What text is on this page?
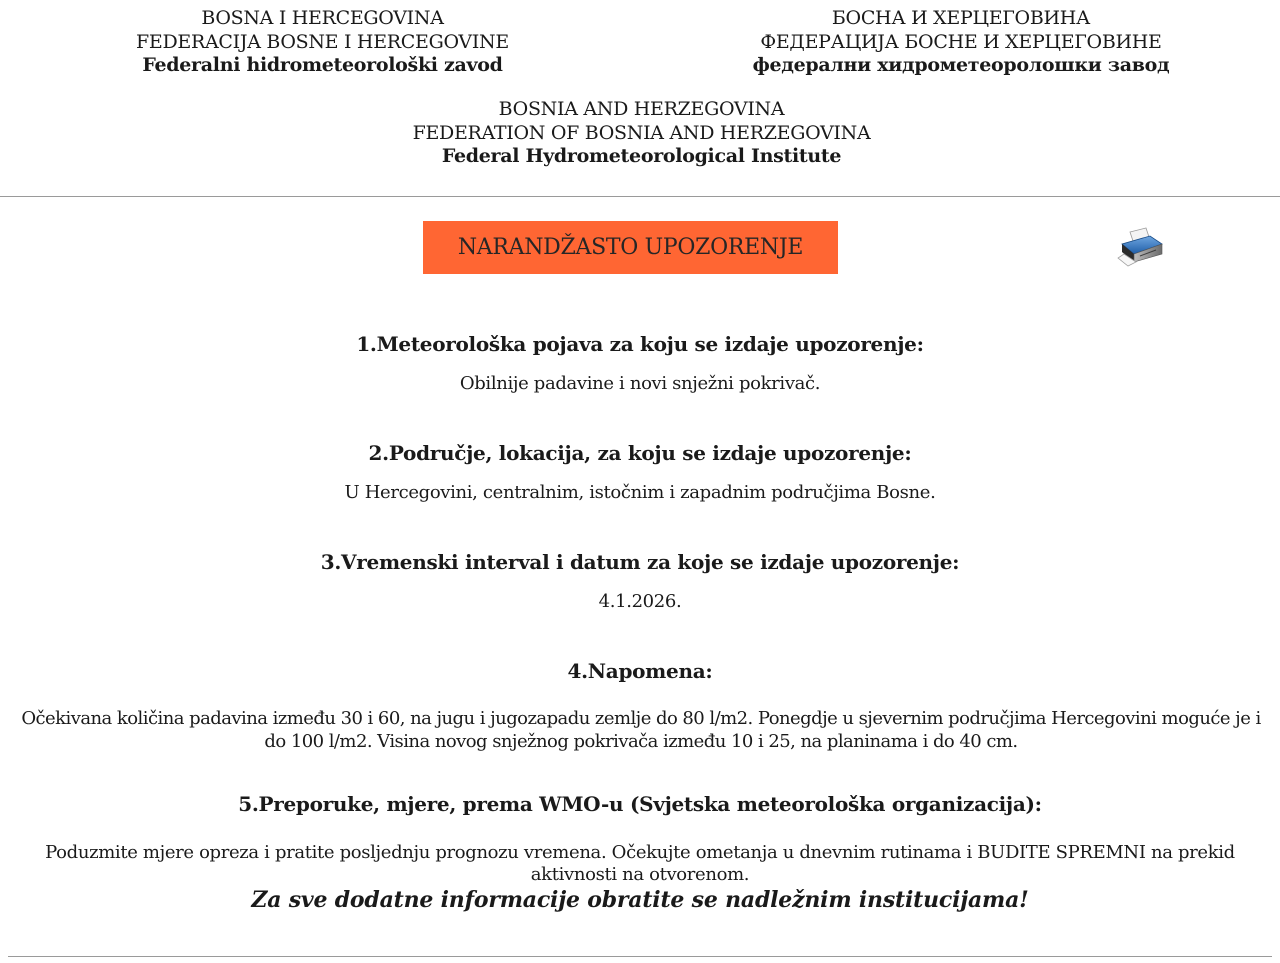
BOSNA I HERCEGOVINA
FEDERACIJA BOSNE I HERCEGOVINE
Federalni hidrometeorološki zavod
БОСНА И ХЕРЦЕГОВИНА
ФЕДЕРАЦИЈА БОСНЕ И ХЕРЦЕГОВИНЕ
федерални хидрометеоролошки завод
BOSNIA AND HERZEGOVINA
FEDERATION OF BOSNIA AND HERZEGOVINA
Federal Hydrometeorological Institute
NARANDŽASTO UPOZORENJE
1.Meteorološka pojava za koju se izdaje upozorenje:
Obilnije padavine i novi snježni pokrivač.
2.Područje, lokacija, za koju se izdaje upozorenje:
U Hercegovini, centralnim, istočnim i zapadnim područjima Bosne.
3.Vremenski interval i datum za koje se izdaje upozorenje:
4.1.2026.
4.Napomena:
Očekivana količina padavina između 30 i 60, na jugu i jugozapadu zemlje do 80 l/m2. Ponegdje u sjevernim područjima Hercegovini moguće je i do 100 l/m2. Visina novog snježnog pokrivača između 10 i 25, na planinama i do 40 cm.
5.Preporuke, mjere, prema WMO-u (Svjetska meteorološka organizacija):
Poduzmite mjere opreza i pratite posljednju prognozu vremena. Očekujte ometanja u dnevnim rutinama i BUDITE SPREMNI na prekid aktivnosti na otvorenom.
Za sve dodatne informacije obratite se nadležnim institucijama!
